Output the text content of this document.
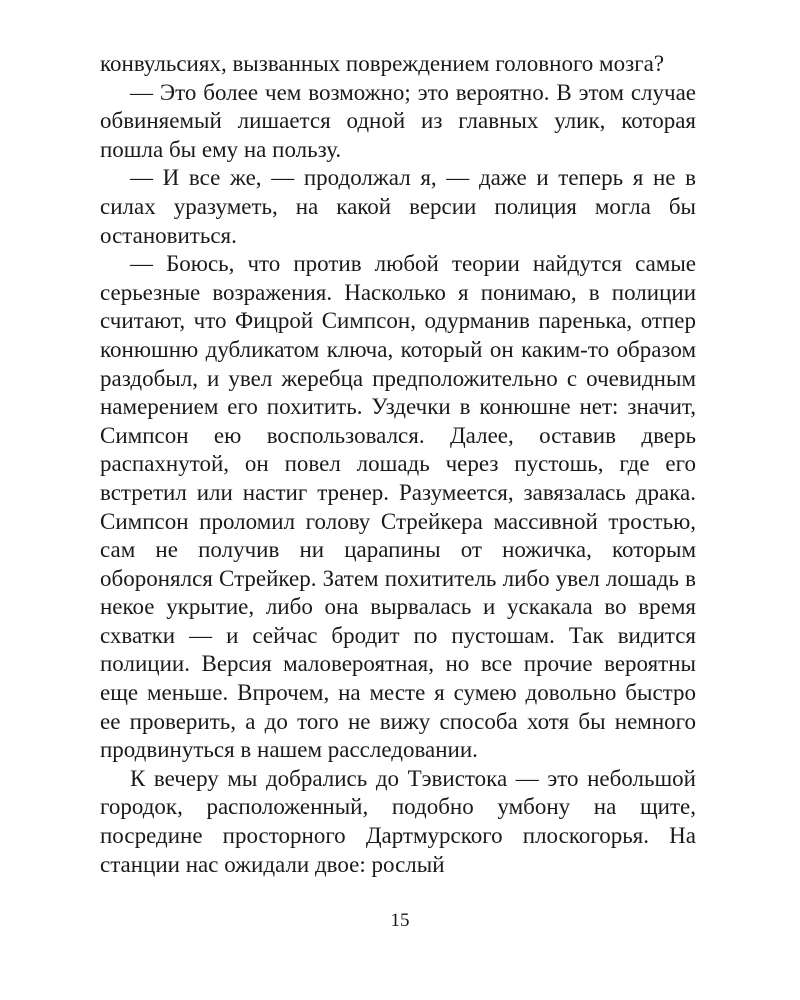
конвульсиях, вызванных повреждением головного мозга?

— Это более чем возможно; это вероятно. В этом случае обвиняемый лишается одной из главных улик, которая пошла бы ему на пользу.

— И все же, — продолжал я, — даже и теперь я не в силах уразуметь, на какой версии полиция могла бы остановиться.

— Боюсь, что против любой теории найдутся самые серьезные возражения. Насколько я понимаю, в полиции считают, что Фицрой Симпсон, одурманив паренька, отпер конюшню дубликатом ключа, который он каким-то образом раздобыл, и увел жеребца предположительно с очевидным намерением его похитить. Уздечки в конюшне нет: значит, Симпсон ею воспользовался. Далее, оставив дверь распахнутой, он повел лошадь через пустошь, где его встретил или настиг тренер. Разумеется, завязалась драка. Симпсон проломил голову Стрейкера массивной тростью, сам не получив ни царапины от ножичка, которым оборонялся Стрейкер. Затем похититель либо увел лошадь в некое укрытие, либо она вырвалась и ускакала во время схватки — и сейчас бродит по пустошам. Так видится полиции. Версия маловероятная, но все прочие вероятны еще меньше. Впрочем, на месте я сумею довольно быстро ее проверить, а до того не вижу способа хотя бы немного продвинуться в нашем расследовании.

К вечеру мы добрались до Тэвистока — это небольшой городок, расположенный, подобно умбону на щите, посредине просторного Дартмурского плоскогорья. На станции нас ожидали двое: рослый

15
